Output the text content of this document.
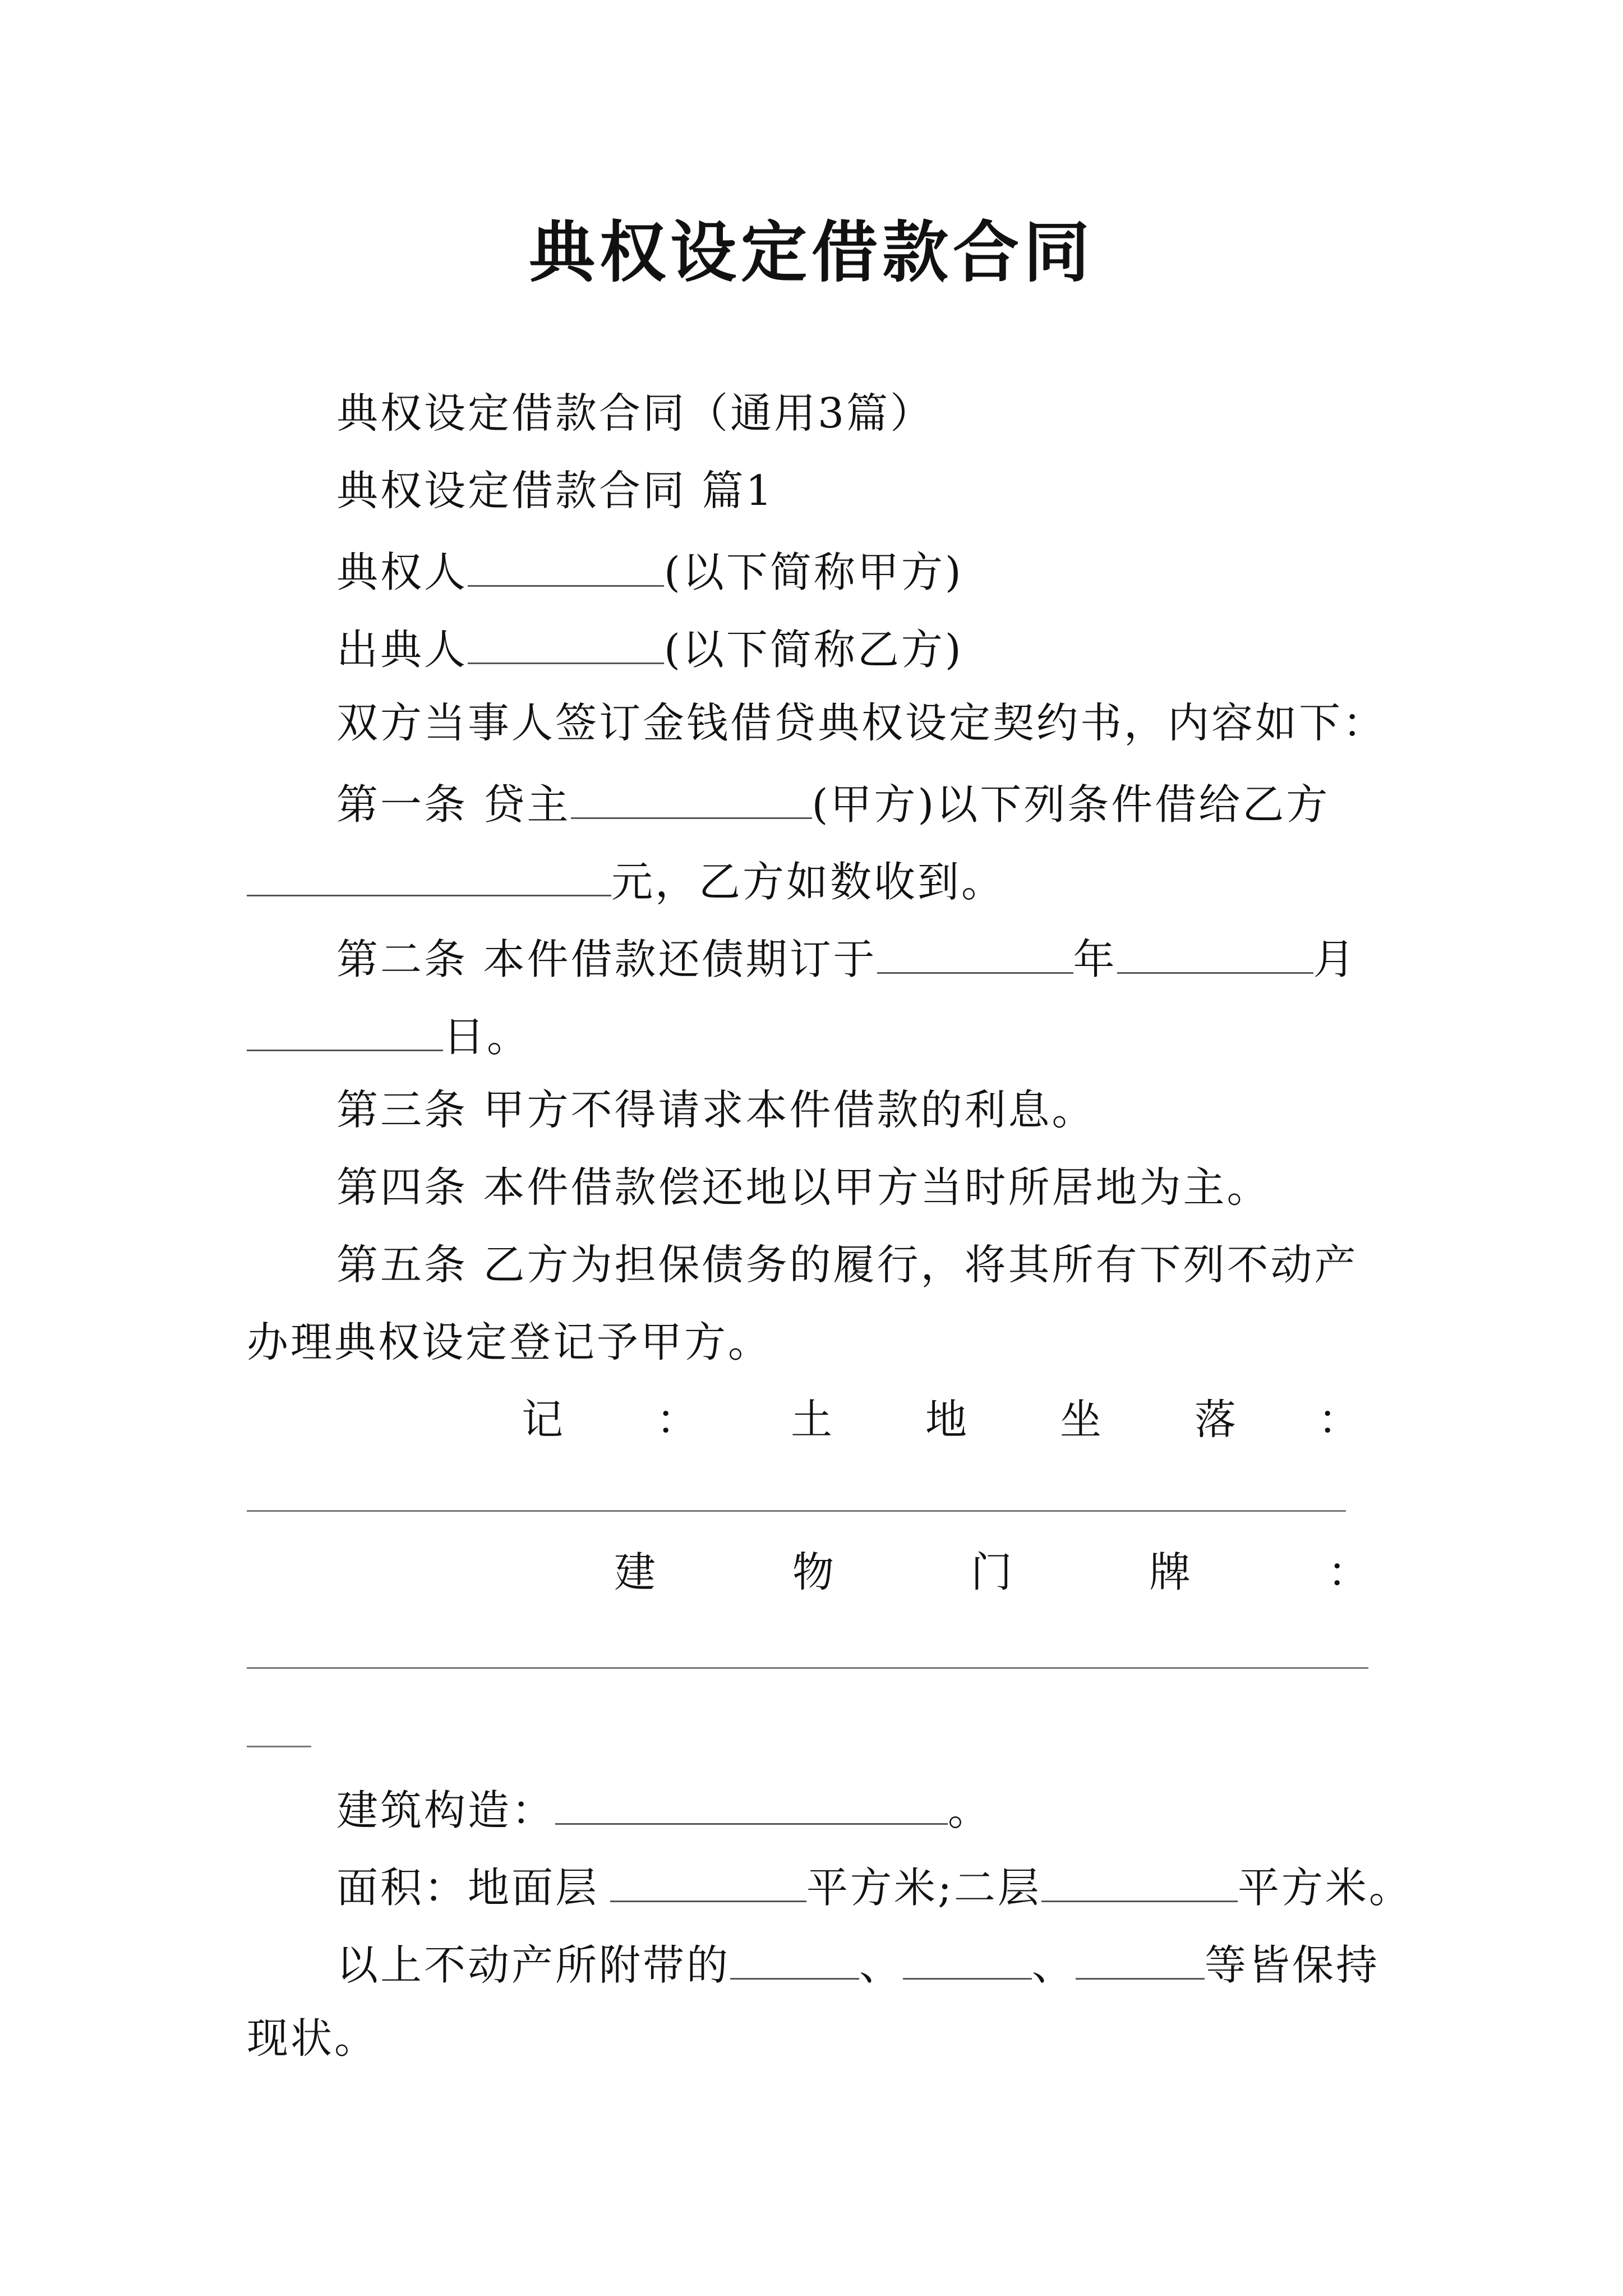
典权设定借款合同
典权设定借款合同（通用3篇）
典权设定借款合同 篇1
典权人	(以下简称甲方)
出典人	(以下简称乙方)
双方当事人签订金钱借贷典权设定契约书，内容如下：
第一条 贷主	(甲方)以下列条件借给乙方
元，乙方如数收到。
第二条 本件借款还债期订于	年	月
日。
第三条 甲方不得请求本件借款的利息。
第四条 本件借款偿还地以甲方当时所居地为主。
第五条 乙方为担保债务的履行，将其所有下列不动产
办理典权设定登记予甲方。
记 ： 土 地 坐 落 ：
建	物	门	牌	：
建筑构造：	。
面积：地面层	平方米;二层	平方米。
以上不动产所附带的	、	、	等皆保持
现状。
